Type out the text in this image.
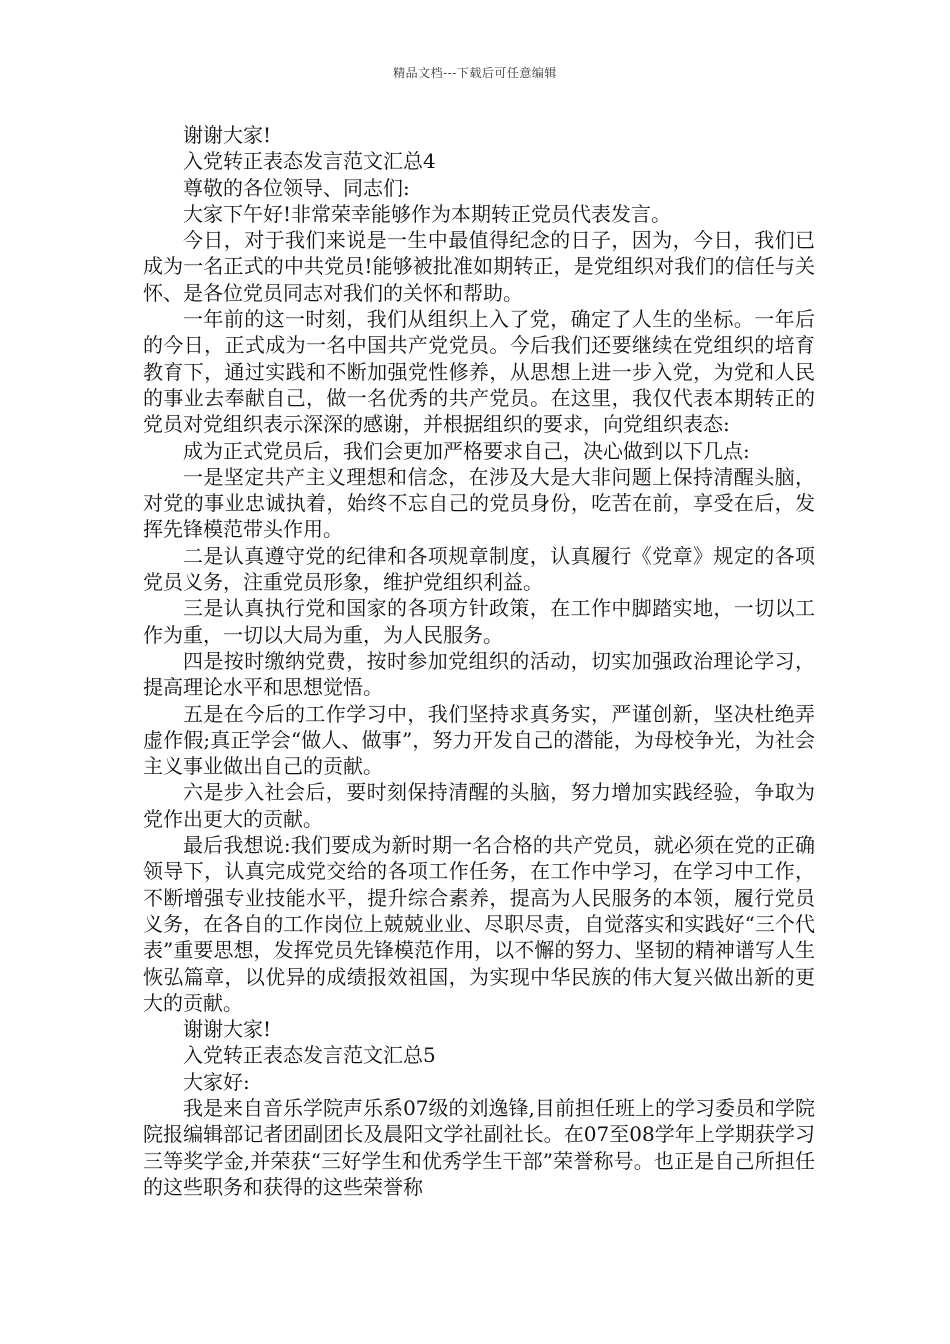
精品文档---下载后可任意编辑

谢谢大家!

入党转正表态发言范文汇总4

尊敬的各位领导、同志们:

大家下午好!非常荣幸能够作为本期转正党员代表发言。

今日，对于我们来说是一生中最值得纪念的日子，因为，今日，我们已成为一名正式的中共党员!能够被批准如期转正，是党组织对我们的信任与关怀、是各位党员同志对我们的关怀和帮助。

一年前的这一时刻，我们从组织上入了党，确定了人生的坐标。一年后的今日，正式成为一名中国共产党党员。今后我们还要继续在党组织的培育教育下，通过实践和不断加强党性修养，从思想上进一步入党，为党和人民的事业去奉献自己，做一名优秀的共产党员。在这里，我仅代表本期转正的党员对党组织表示深深的感谢，并根据组织的要求，向党组织表态:

成为正式党员后，我们会更加严格要求自己，决心做到以下几点:

一是坚定共产主义理想和信念，在涉及大是大非问题上保持清醒头脑，对党的事业忠诚执着，始终不忘自己的党员身份，吃苦在前，享受在后，发挥先锋模范带头作用。

二是认真遵守党的纪律和各项规章制度，认真履行《党章》规定的各项党员义务，注重党员形象，维护党组织利益。

三是认真执行党和国家的各项方针政策，在工作中脚踏实地，一切以工作为重，一切以大局为重，为人民服务。

四是按时缴纳党费，按时参加党组织的活动，切实加强政治理论学习，提高理论水平和思想觉悟。

五是在今后的工作学习中，我们坚持求真务实，严谨创新，坚决杜绝弄虚作假;真正学会“做人、做事”，努力开发自己的潜能，为母校争光，为社会主义事业做出自己的贡献。

六是步入社会后，要时刻保持清醒的头脑，努力增加实践经验，争取为党作出更大的贡献。

最后我想说:我们要成为新时期一名合格的共产党员，就必须在党的正确领导下，认真完成党交给的各项工作任务，在工作中学习，在学习中工作，不断增强专业技能水平，提升综合素养，提高为人民服务的本领，履行党员义务，在各自的工作岗位上兢兢业业、尽职尽责，自觉落实和实践好“三个代表”重要思想，发挥党员先锋模范作用，以不懈的努力、坚韧的精神谱写人生恢弘篇章，以优异的成绩报效祖国，为实现中华民族的伟大复兴做出新的更大的贡献。

谢谢大家!

入党转正表态发言范文汇总5

大家好:

我是来自音乐学院声乐系07级的刘逸锋,目前担任班上的学习委员和学院院报编辑部记者团副团长及晨阳文学社副社长。在07至08学年上学期获学习三等奖学金,并荣获“三好学生和优秀学生干部”荣誉称号。也正是自己所担任的这些职务和获得的这些荣誉称
